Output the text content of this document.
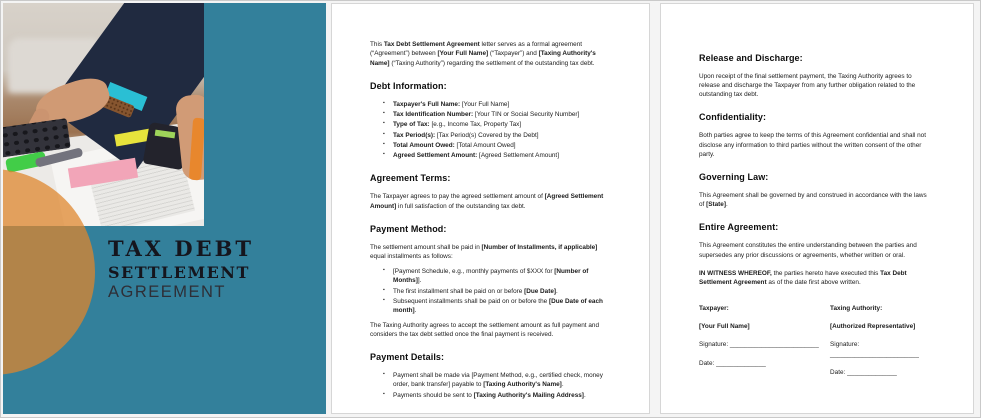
TAX DEBT
SETTLEMENT
AGREEMENT

This Tax Debt Settlement Agreement letter serves as a formal agreement (“Agreement”) between [Your Full Name] (“Taxpayer”) and [Taxing Authority's Name] (“Taxing Authority”) regarding the settlement of the outstanding tax debt.

Debt Information:
▪ Taxpayer's Full Name: [Your Full Name]
▪ Tax Identification Number: [Your TIN or Social Security Number]
▪ Type of Tax: [e.g., Income Tax, Property Tax]
▪ Tax Period(s): [Tax Period(s) Covered by the Debt]
▪ Total Amount Owed: [Total Amount Owed]
▪ Agreed Settlement Amount: [Agreed Settlement Amount]
Agreement Terms:

The Taxpayer agrees to pay the agreed settlement amount of [Agreed Settlement Amount] in full satisfaction of the outstanding tax debt.

Payment Method:

The settlement amount shall be paid in [Number of Installments, if applicable] equal installments as follows:

▪ [Payment Schedule, e.g., monthly payments of $XXX for [Number of Months]].
▪ The first installment shall be paid on or before [Due Date].
▪ Subsequent installments shall be paid on or before the [Due Date of each month].

The Taxing Authority agrees to accept the settlement amount as full payment and considers the tax debt settled once the final payment is received.

Payment Details:
▪ Payment shall be made via [Payment Method, e.g., certified check, money order, bank transfer] payable to [Taxing Authority's Name].
▪ Payments should be sent to [Taxing Authority's Mailing Address].
Release and Discharge:

Upon receipt of the final settlement payment, the Taxing Authority agrees to release and discharge the Taxpayer from any further obligation related to the outstanding tax debt.

Confidentiality:

Both parties agree to keep the terms of this Agreement confidential and shall not disclose any information to third parties without the written consent of the other party.

Governing Law:

This Agreement shall be governed by and construed in accordance with the laws of [State].

Entire Agreement:

This Agreement constitutes the entire understanding between the parties and supersedes any prior discussions or agreements, whether written or oral.

IN WITNESS WHEREOF, the parties hereto have executed this Tax Debt Settlement Agreement as of the date first above written.

Taxpayer:

[Your Full Name]

Signature: _________________________

Date: ______________

Taxing Authority:

[Authorized Representative]

Signature: _________________________

Date: ______________
